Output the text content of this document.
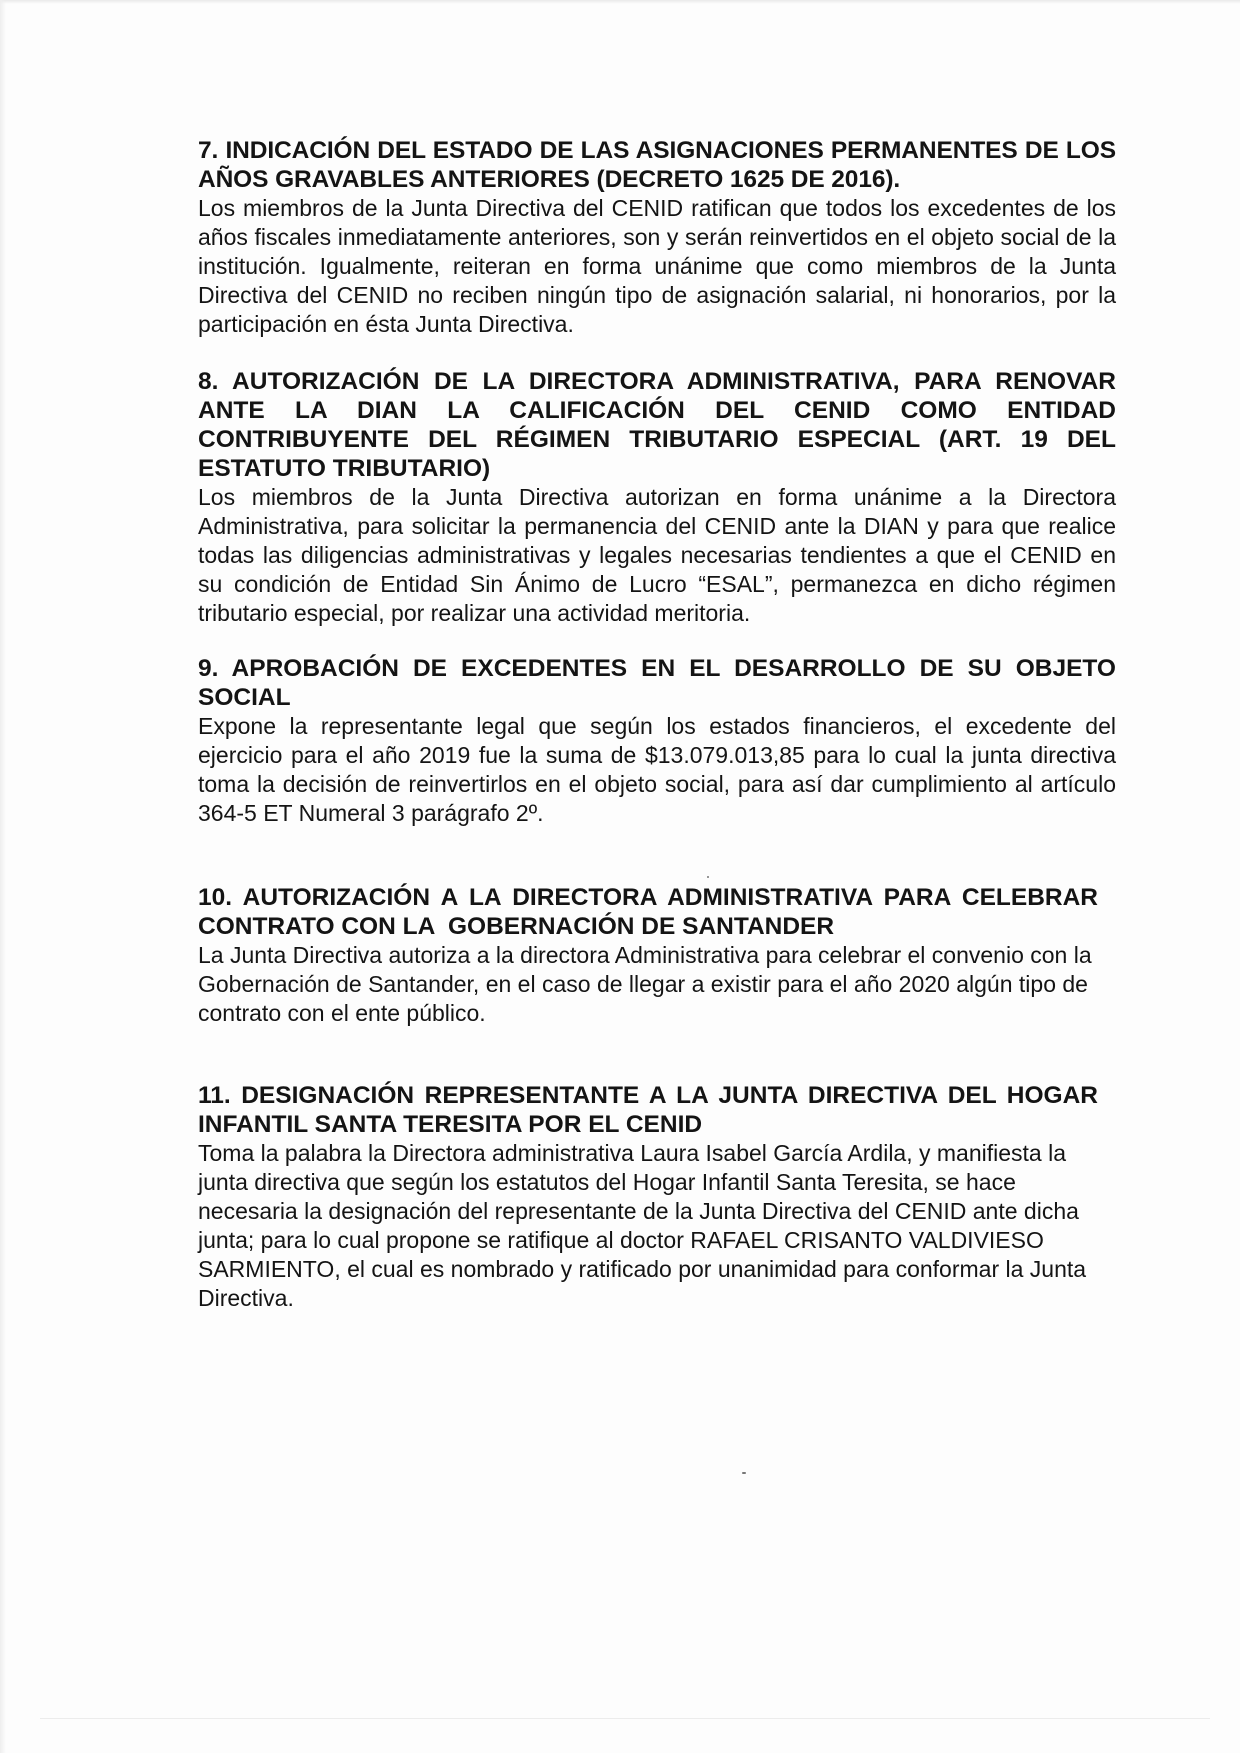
7. INDICACIÓN DEL ESTADO DE LAS ASIGNACIONES PERMANENTES DE LOS AÑOS GRAVABLES ANTERIORES (DECRETO 1625 DE 2016).

Los miembros de la Junta Directiva del CENID ratifican que todos los excedentes de los años fiscales inmediatamente anteriores, son y serán reinvertidos en el objeto social de la institución. Igualmente, reiteran en forma unánime que como miembros de la Junta Directiva del CENID no reciben ningún tipo de asignación salarial, ni honorarios, por la participación en ésta Junta Directiva.

8. AUTORIZACIÓN DE LA DIRECTORA ADMINISTRATIVA, PARA RENOVAR ANTE LA DIAN LA CALIFICACIÓN DEL CENID COMO ENTIDAD CONTRIBUYENTE DEL RÉGIMEN TRIBUTARIO ESPECIAL (ART. 19 DEL ESTATUTO TRIBUTARIO)

Los miembros de la Junta Directiva autorizan en forma unánime a la Directora Administrativa, para solicitar la permanencia del CENID ante la DIAN y para que realice todas las diligencias administrativas y legales necesarias tendientes a que el CENID en su condición de Entidad Sin Ánimo de Lucro “ESAL”, permanezca en dicho régimen tributario especial, por realizar una actividad meritoria.

9. APROBACIÓN DE EXCEDENTES EN EL DESARROLLO DE SU OBJETO SOCIAL

Expone la representante legal que según los estados financieros, el excedente del ejercicio para el año 2019 fue la suma de $13.079.013,85 para lo cual la junta directiva toma la decisión de reinvertirlos en el objeto social, para así dar cumplimiento al artículo 364-5 ET Numeral 3 parágrafo 2º.

10. AUTORIZACIÓN A LA DIRECTORA ADMINISTRATIVA PARA CELEBRAR CONTRATO CON LA  GOBERNACIÓN DE SANTANDER

La Junta Directiva autoriza a la directora Administrativa para celebrar el convenio con la Gobernación de Santander, en el caso de llegar a existir para el año 2020 algún tipo de contrato con el ente público.

11. DESIGNACIÓN REPRESENTANTE A LA JUNTA DIRECTIVA DEL HOGAR INFANTIL SANTA TERESITA POR EL CENID

Toma la palabra la Directora administrativa Laura Isabel García Ardila, y manifiesta la junta directiva que según los estatutos del Hogar Infantil Santa Teresita, se hace necesaria la designación del representante de la Junta Directiva del CENID ante dicha junta; para lo cual propone se ratifique al doctor RAFAEL CRISANTO VALDIVIESO SARMIENTO, el cual es nombrado y ratificado por unanimidad para conformar la Junta Directiva.
